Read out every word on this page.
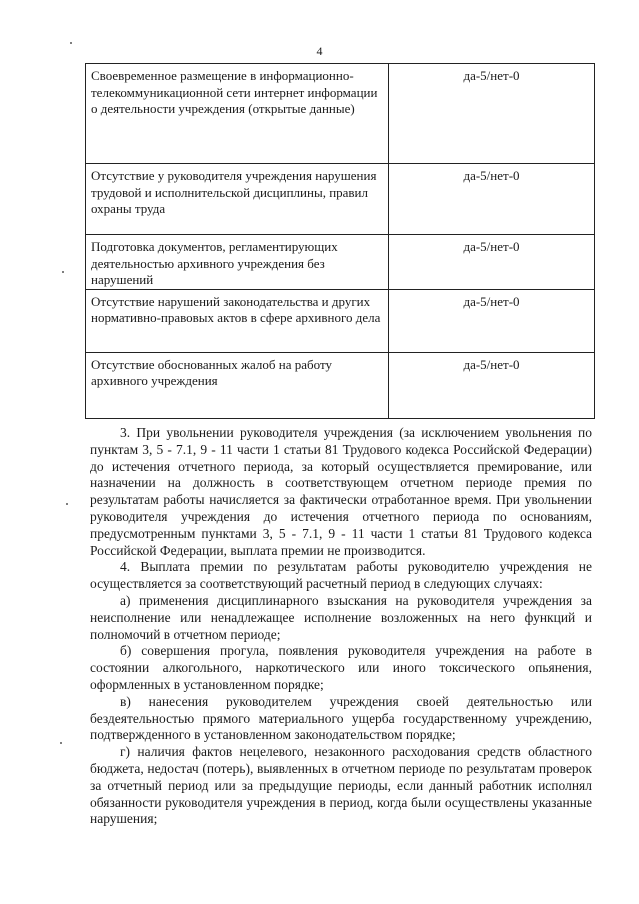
4
Своевременное размещение в информационно-телекоммуникационной сети интернет информации о деятельности учреждения (открытые данные)	да-5/нет-0
Отсутствие у руководителя учреждения нарушения трудовой и исполнительской дисциплины, правил охраны труда	да-5/нет-0
Подготовка документов, регламентирующих деятельностью архивного учреждения без нарушений	да-5/нет-0
Отсутствие нарушений законодательства и других нормативно-правовых актов в сфере архивного дела	да-5/нет-0
Отсутствие обоснованных жалоб на работу архивного учреждения	да-5/нет-0

3. При увольнении руководителя учреждения (за исключением увольнения по пунктам 3, 5 - 7.1, 9 - 11 части 1 статьи 81 Трудового кодекса Российской Федерации) до истечения отчетного периода, за который осуществляется премирование, или назначении на должность в соответствующем отчетном периоде премия по результатам работы начисляется за фактически отработанное время. При увольнении руководителя учреждения до истечения отчетного периода по основаниям, предусмотренным пунктами 3, 5 - 7.1, 9 - 11 части 1 статьи 81 Трудового кодекса Российской Федерации, выплата премии не производится.

4. Выплата премии по результатам работы руководителю учреждения не осуществляется за соответствующий расчетный период в следующих случаях:

а) применения дисциплинарного взыскания на руководителя учреждения за неисполнение или ненадлежащее исполнение возложенных на него функций и полномочий в отчетном периоде;

б) совершения прогула, появления руководителя учреждения на работе в состоянии алкогольного, наркотического или иного токсического опьянения, оформленных в установленном порядке;

в) нанесения руководителем учреждения своей деятельностью или бездеятельностью прямого материального ущерба государственному учреждению, подтвержденного в установленном законодательством порядке;

г) наличия фактов нецелевого, незаконного расходования средств областного бюджета, недостач (потерь), выявленных в отчетном периоде по результатам проверок за отчетный период или за предыдущие периоды, если данный работник исполнял обязанности руководителя учреждения в период, когда были осуществлены указанные нарушения;
